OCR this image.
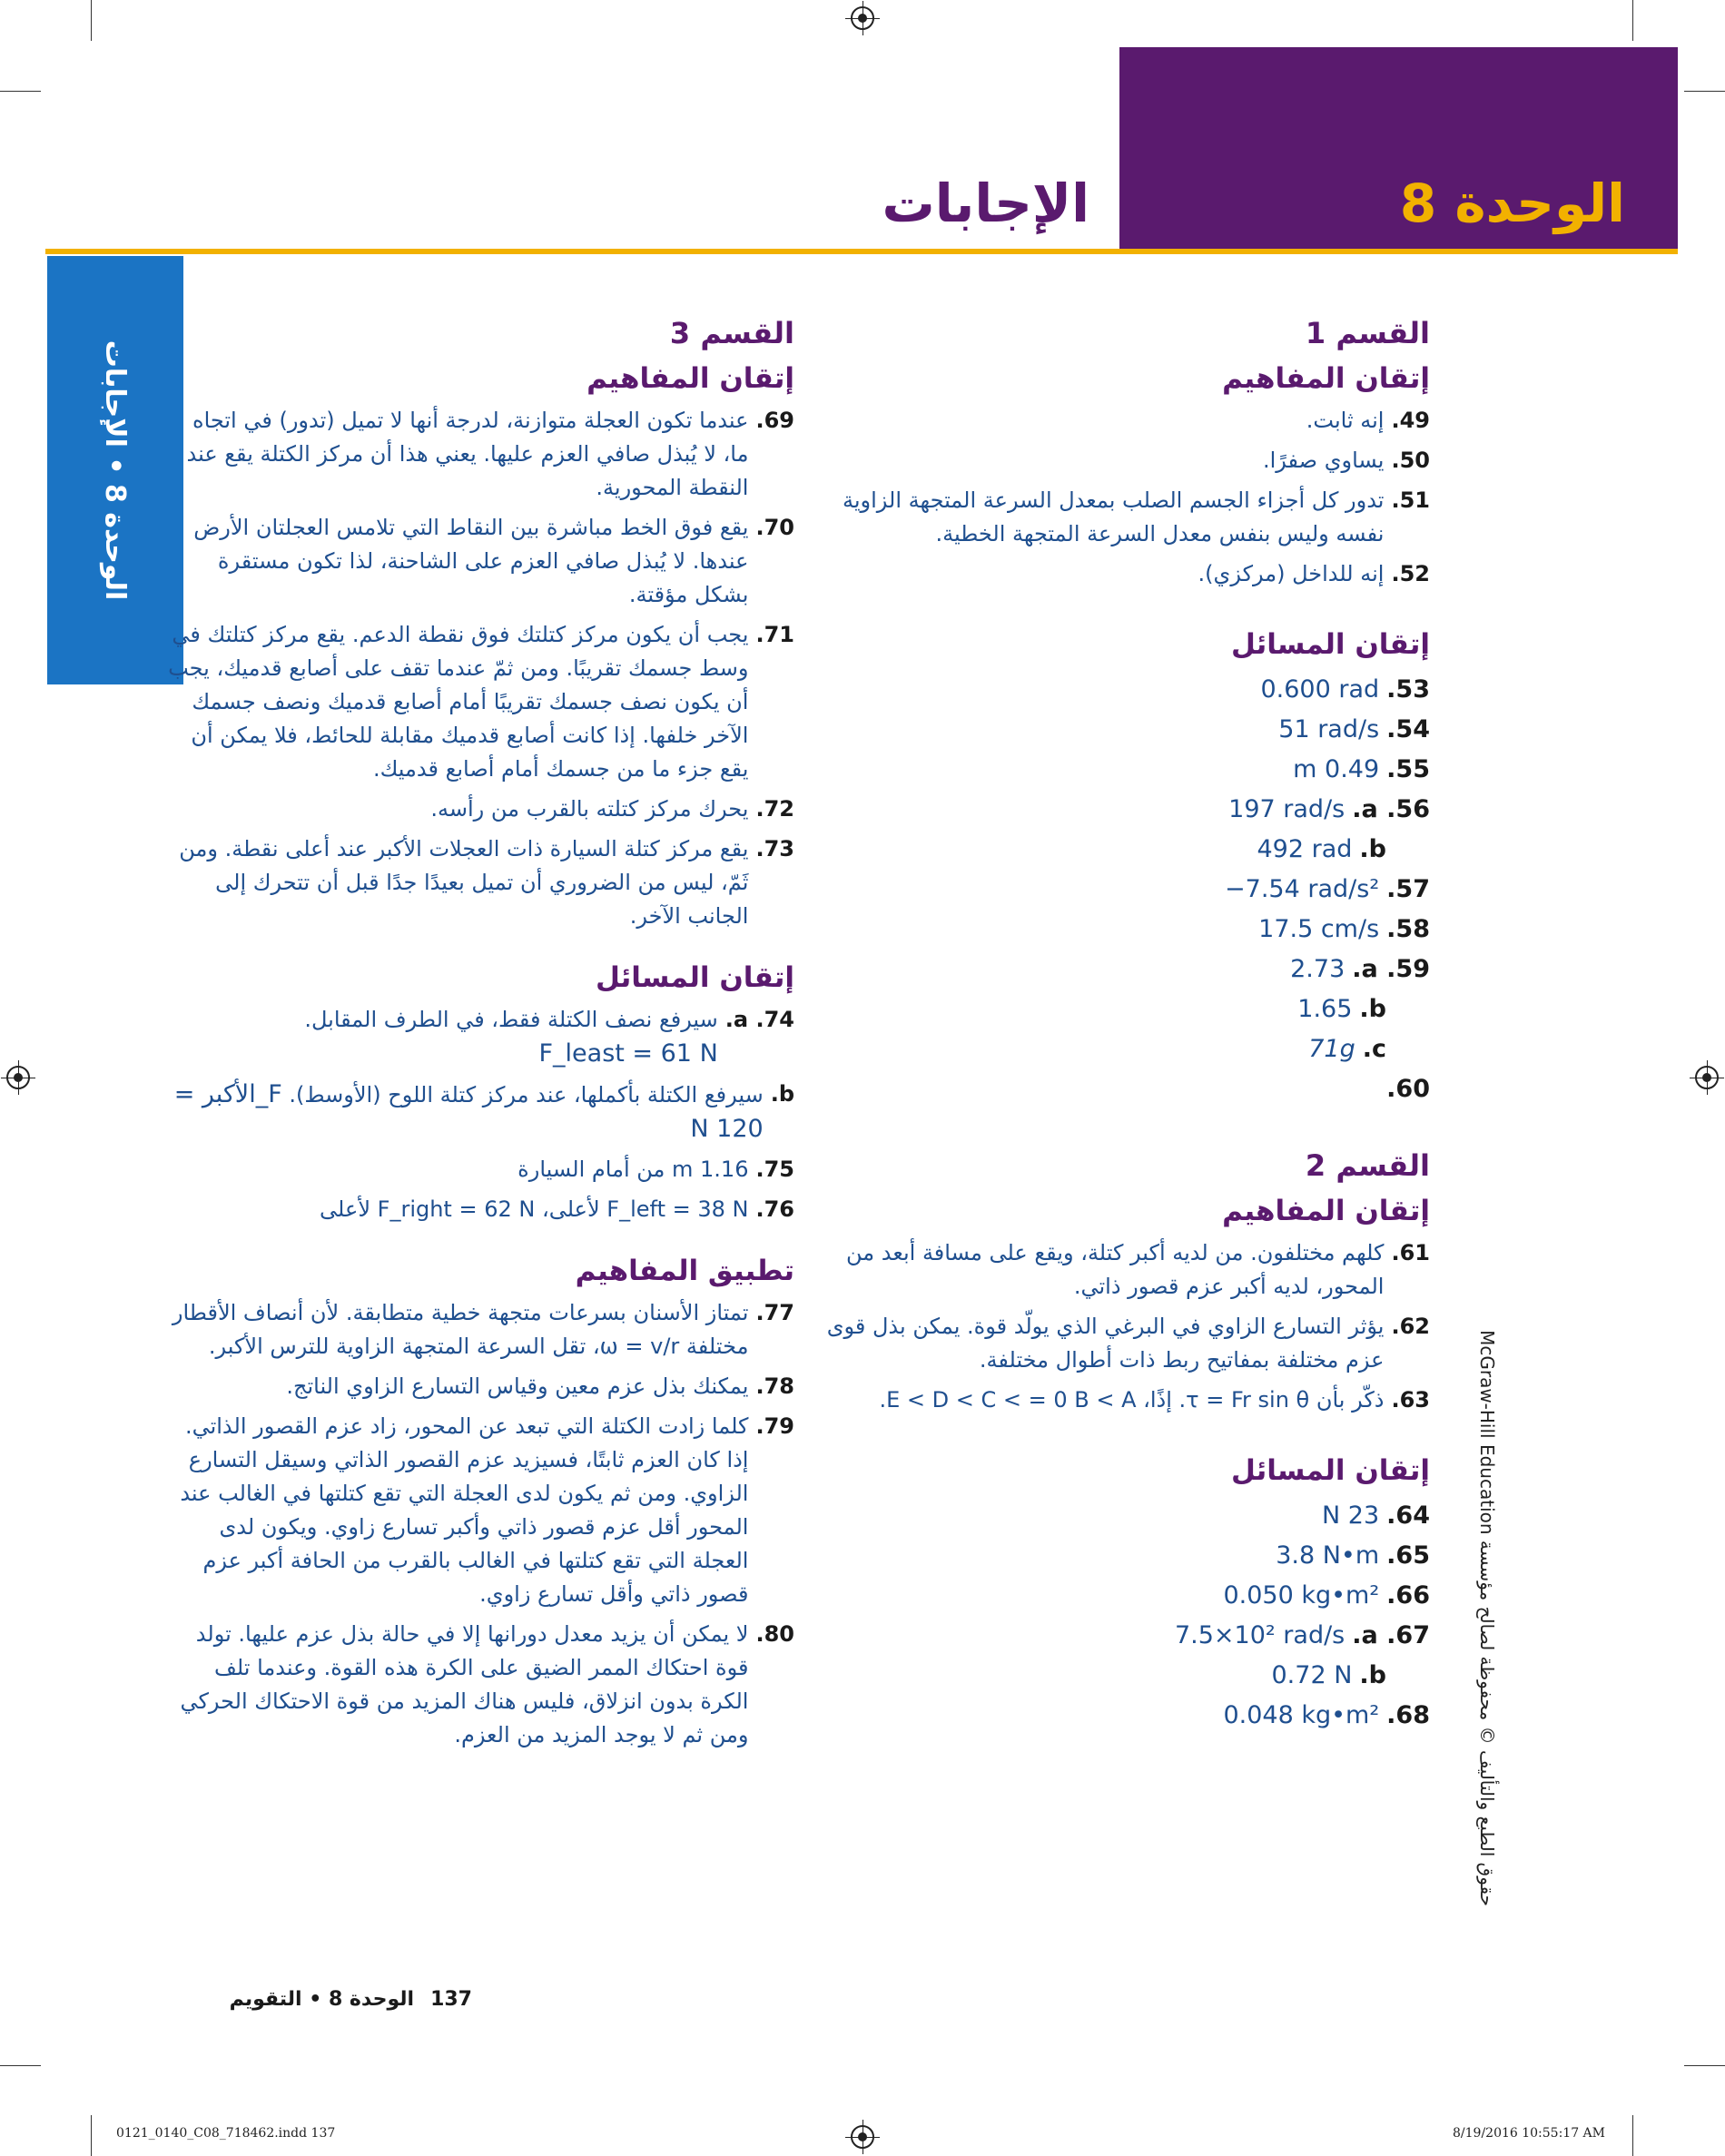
الوحدة 8
الإجابات
الوحدة 8 • الإجابات
القسم 1
إتقان المفاهيم
49.
إنه ثابت.
50.
يساوي صفرًا.
51.
تدور كل أجزاء الجسم الصلب بمعدل السرعة المتجهة الزاوية نفسه وليس بنفس معدل السرعة المتجهة الخطية.
52.
إنه للداخل (مركزي).
إتقان المسائل
53.
0.600 rad
54.
51 rad/s
55.
m 0.49
56. a.
197 rad/s
b.
492 rad
57.
−7.54 rad/s²
58.
17.5 cm/s
59. a.
2.73
b.
1.65
c.
71g
60.
القسم 2
إتقان المفاهيم
61.
كلهم مختلفون. من لديه أكبر كتلة، ويقع على مسافة أبعد من المحور، لديه أكبر عزم قصور ذاتي.
62.
يؤثر التسارع الزاوي في البرغي الذي يولّد قوة. يمكن بذل قوى عزم مختلفة بمفاتيح ربط ذات أطوال مختلفة.
63.
ذكّر بأن τ = Fr sin θ. إذًا، E < D < C < = 0 B < A.
إتقان المسائل
64.
N 23
65.
3.8 N•m
66.
0.050 kg•m²
67. a.
7.5×10² rad/s
b.
0.72 N
68.
0.048 kg•m²
القسم 3
إتقان المفاهيم
69.
عندما تكون العجلة متوازنة، لدرجة أنها لا تميل (تدور) في اتجاه ما، لا يُبذل صافي العزم عليها. يعني هذا أن مركز الكتلة يقع عند النقطة المحورية.
70.
يقع فوق الخط مباشرة بين النقاط التي تلامس العجلتان الأرض عندها. لا يُبذل صافي العزم على الشاحنة، لذا تكون مستقرة بشكل مؤقتة.
71.
يجب أن يكون مركز كتلتك فوق نقطة الدعم. يقع مركز كتلتك في وسط جسمك تقريبًا. ومن ثمّ عندما تقف على أصابع قدميك، يجب أن يكون نصف جسمك تقريبًا أمام أصابع قدميك ونصف جسمك الآخر خلفها. إذا كانت أصابع قدميك مقابلة للحائط، فلا يمكن أن يقع جزء ما من جسمك أمام أصابع قدميك.
72.
يحرك مركز كتلته بالقرب من رأسه.
73.
يقع مركز كتلة السيارة ذات العجلات الأكبر عند أعلى نقطة. ومن ثَمّ، ليس من الضروري أن تميل بعيدًا جدًا قبل أن تتحرك إلى الجانب الآخر.
إتقان المسائل
74. a.
سيرفع نصف الكتلة فقط، في الطرف المقابل.
F_least = 61 N
b.
سيرفع الكتلة بأكملها، عند مركز كتلة اللوح (الأوسط). F_الأكبر = 120 N
75.
1.16 m من أمام السيارة
76.
F_left = 38 N لأعلى، F_right = 62 N لأعلى
تطبيق المفاهيم
77.
تمتاز الأسنان بسرعات متجهة خطية متطابقة. لأن أنصاف الأقطار مختلفة ω = v/r، تقل السرعة المتجهة الزاوية للترس الأكبر.
78.
يمكنك بذل عزم معين وقياس التسارع الزاوي الناتج.
79.
كلما زادت الكتلة التي تبعد عن المحور، زاد عزم القصور الذاتي. إذا كان العزم ثابتًا، فسيزيد عزم القصور الذاتي وسيقل التسارع الزاوي. ومن ثم يكون لدى العجلة التي تقع كتلتها في الغالب عند المحور أقل عزم قصور ذاتي وأكبر تسارع زاوي. ويكون لدى العجلة التي تقع كتلتها في الغالب بالقرب من الحافة أكبر عزم قصور ذاتي وأقل تسارع زاوي.
80.
لا يمكن أن يزيد معدل دورانها إلا في حالة بذل عزم عليها. تولد قوة احتكاك الممر الضيق على الكرة هذه القوة. وعندما تلف الكرة بدون انزلاق، فليس هناك المزيد من قوة الاحتكاك الحركي ومن ثم لا يوجد المزيد من العزم.
حقوق الطبع والتأليف © محفوظة لصالح مؤسسة McGraw-Hill Education
137الوحدة 8 • التقويم
0121_0140_C08_718462.indd 137	8/19/2016 10:55:17 AM
